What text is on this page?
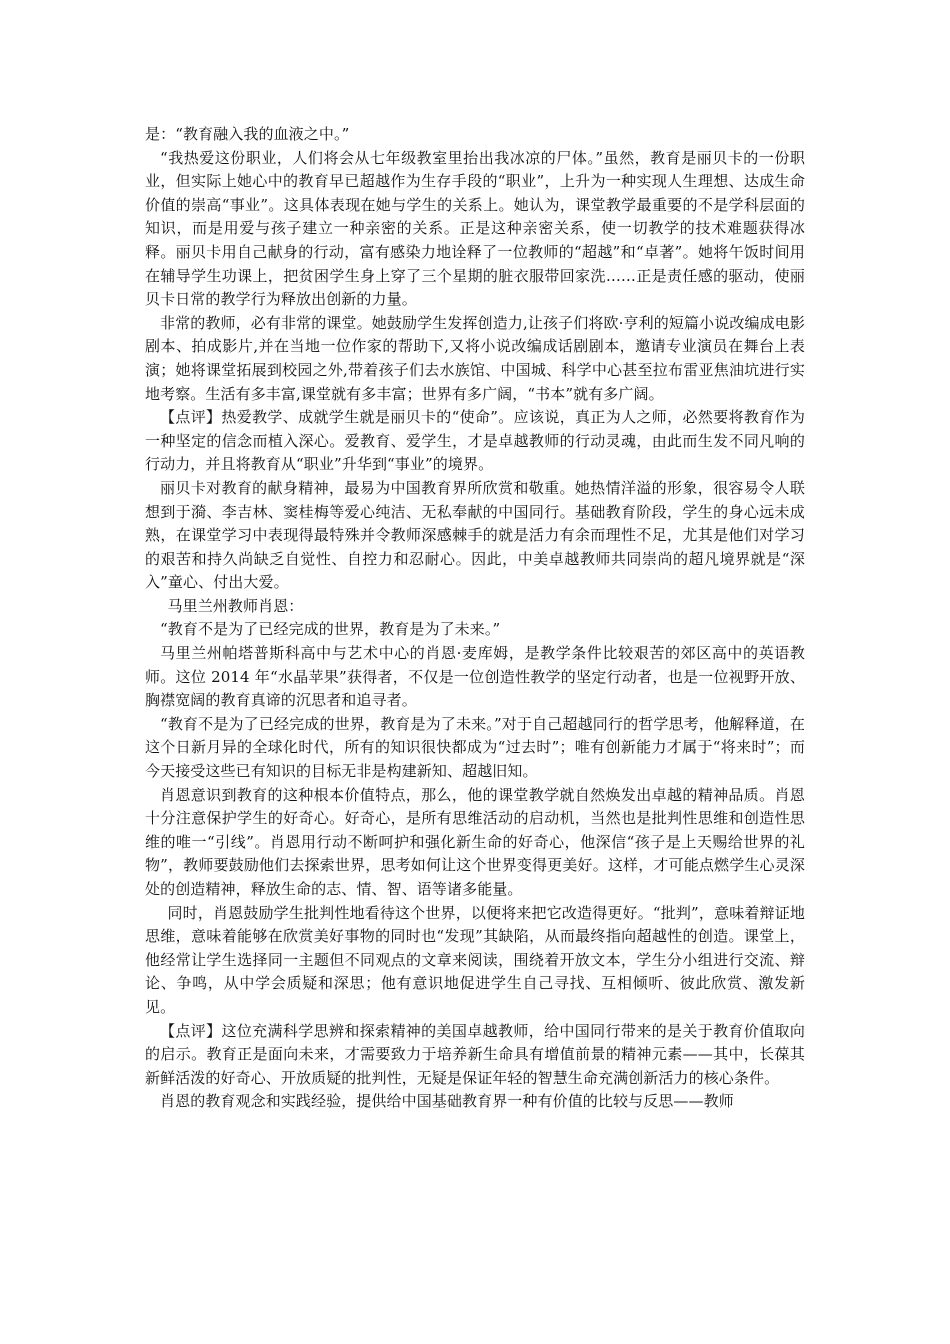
是：“教育融入我的血液之中。”

“我热爱这份职业，人们将会从七年级教室里抬出我冰凉的尸体。”虽然，教育是丽贝卡的一份职业，但实际上她心中的教育早已超越作为生存手段的“职业”，上升为一种实现人生理想、达成生命价值的崇高“事业”。这具体表现在她与学生的关系上。她认为，课堂教学最重要的不是学科层面的知识，而是用爱与孩子建立一种亲密的关系。正是这种亲密关系，使一切教学的技术难题获得冰释。丽贝卡用自己献身的行动，富有感染力地诠释了一位教师的“超越”和“卓著”。她将午饭时间用在辅导学生功课上，把贫困学生身上穿了三个星期的脏衣服带回家洗……正是责任感的驱动，使丽贝卡日常的教学行为释放出创新的力量。

非常的教师，必有非常的课堂。她鼓励学生发挥创造力,让孩子们将欧·亨利的短篇小说改编成电影剧本、拍成影片,并在当地一位作家的帮助下,又将小说改编成话剧剧本，邀请专业演员在舞台上表演；她将课堂拓展到校园之外,带着孩子们去水族馆、中国城、科学中心甚至拉布雷亚焦油坑进行实地考察。生活有多丰富,课堂就有多丰富；世界有多广阔，“书本”就有多广阔。

【点评】热爱教学、成就学生就是丽贝卡的“使命”。应该说，真正为人之师，必然要将教育作为一种坚定的信念而植入深心。爱教育、爱学生，才是卓越教师的行动灵魂，由此而生发不同凡响的行动力，并且将教育从“职业”升华到“事业”的境界。

丽贝卡对教育的献身精神，最易为中国教育界所欣赏和敬重。她热情洋溢的形象，很容易令人联想到于漪、李吉林、窦桂梅等爱心纯洁、无私奉献的中国同行。基础教育阶段，学生的身心远未成熟，在课堂学习中表现得最特殊并令教师深感棘手的就是活力有余而理性不足，尤其是他们对学习的艰苦和持久尚缺乏自觉性、自控力和忍耐心。因此，中美卓越教师共同崇尚的超凡境界就是“深入”童心、付出大爱。

马里兰州教师肖恩：

“教育不是为了已经完成的世界，教育是为了未来。”

马里兰州帕塔普斯科高中与艺术中心的肖恩·麦库姆，是教学条件比较艰苦的郊区高中的英语教师。这位 2014 年“水晶苹果”获得者，不仅是一位创造性教学的坚定行动者，也是一位视野开放、胸襟宽阔的教育真谛的沉思者和追寻者。

“教育不是为了已经完成的世界，教育是为了未来。”对于自己超越同行的哲学思考，他解释道，在这个日新月异的全球化时代，所有的知识很快都成为“过去时”；唯有创新能力才属于“将来时”；而今天接受这些已有知识的目标无非是构建新知、超越旧知。

肖恩意识到教育的这种根本价值特点，那么，他的课堂教学就自然焕发出卓越的精神品质。肖恩十分注意保护学生的好奇心。好奇心，是所有思维活动的启动机，当然也是批判性思维和创造性思维的唯一“引线”。肖恩用行动不断呵护和强化新生命的好奇心，他深信“孩子是上天赐给世界的礼物”，教师要鼓励他们去探索世界，思考如何让这个世界变得更美好。这样，才可能点燃学生心灵深处的创造精神，释放生命的志、情、智、语等诸多能量。

同时，肖恩鼓励学生批判性地看待这个世界，以便将来把它改造得更好。“批判”，意味着辩证地思维，意味着能够在欣赏美好事物的同时也“发现”其缺陷，从而最终指向超越性的创造。课堂上，他经常让学生选择同一主题但不同观点的文章来阅读，围绕着开放文本，学生分小组进行交流、辩论、争鸣，从中学会质疑和深思；他有意识地促进学生自己寻找、互相倾听、彼此欣赏、激发新见。

【点评】这位充满科学思辨和探索精神的美国卓越教师，给中国同行带来的是关于教育价值取向的启示。教育正是面向未来，才需要致力于培养新生命具有增值前景的精神元素——其中，长葆其新鲜活泼的好奇心、开放质疑的批判性，无疑是保证年轻的智慧生命充满创新活力的核心条件。

肖恩的教育观念和实践经验，提供给中国基础教育界一种有价值的比较与反思——教师
